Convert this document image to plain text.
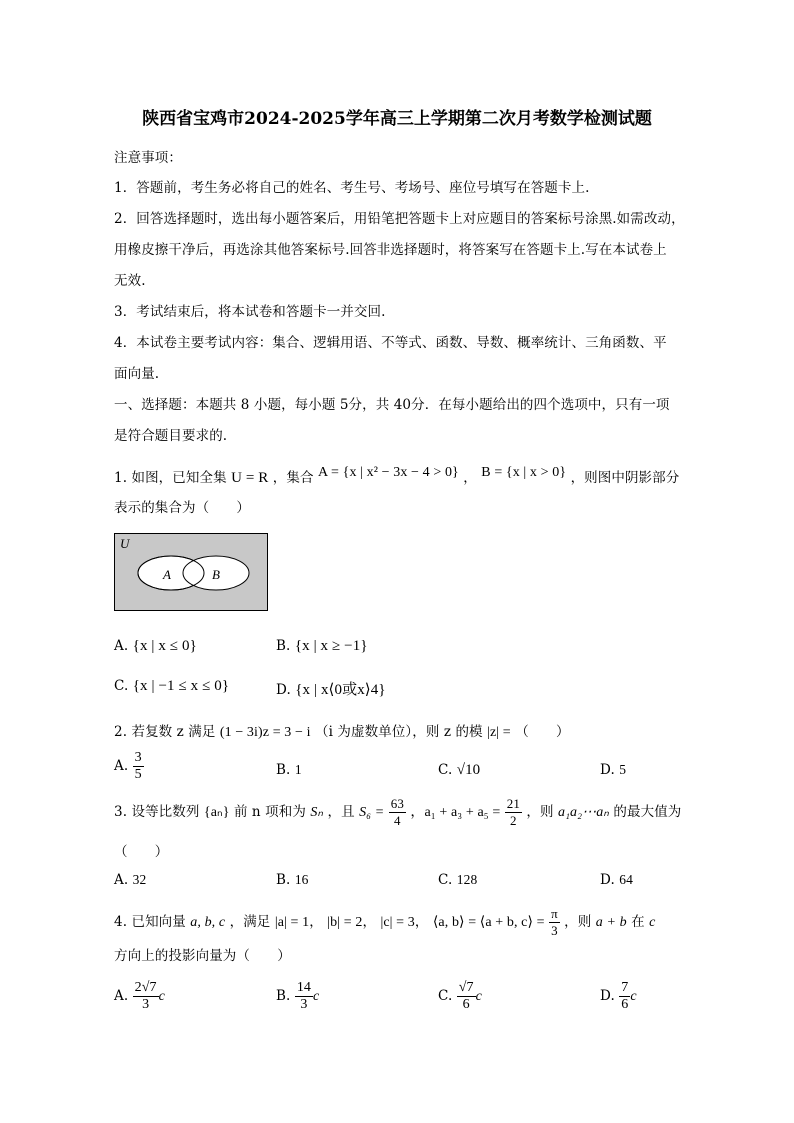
陕西省宝鸡市2024-2025学年高三上学期第二次月考数学检测试题
注意事项：
1．答题前，考生务必将自己的姓名、考生号、考场号、座位号填写在答题卡上.
2．回答选择题时，选出每小题答案后，用铅笔把答题卡上对应题目的答案标号涂黑.如需改动，
用橡皮擦干净后，再选涂其他答案标号.回答非选择题时，将答案写在答题卡上.写在本试卷上
无效.
3．考试结束后，将本试卷和答题卡一并交回.
4．本试卷主要考试内容：集合、逻辑用语、不等式、函数、导数、概率统计、三角函数、平
面向量.
一、选择题：本题共 8 小题，每小题 5分，共 40分．在每小题给出的四个选项中，只有一项
是符合题目要求的.
1. 如图，已知全集 U = R ，集合 A = {x | x² − 3x − 4 > 0} ， B = {x | x > 0} ，则图中阴影部分
表示的集合为（　　）
U
A	B
A. {x | x ≤ 0}	B. {x | x ≥ −1}
C. {x | −1 ≤ x ≤ 0}	D. {x | x⟨0或x⟩4}
2. 若复数 z 满足 (1 − 3i)z = 3 − i （i 为虚数单位），则 z 的模 |z| = （　　）
A. $\frac{3}{5}$	B. 1	C. √10	D. 5
3. 设等比数列 {aₙ} 前 n 项和为 Sₙ ，且 $S_6 = \frac{63}{4}$ ，$a_1 + a_3 + a_5 = \frac{21}{2}$ ，则 a₁a₂⋯aₙ 的最大值为
（　　）
A. 32	B. 16	C. 128	D. 64
4. 已知向量 a, b, c ，满足 |a| = 1， |b| = 2， |c| = 3， ⟨a, b⟩ = ⟨a + b, c⟩ = $\frac{\pi}{3}$ ，则 a + b 在 c
方向上的投影向量为（　　）
A. $\frac{2√7}{3}$ c	B. $\frac{14}{3}$ c	C. $\frac{√7}{6}$ c	D. $\frac{7}{6}$ c
